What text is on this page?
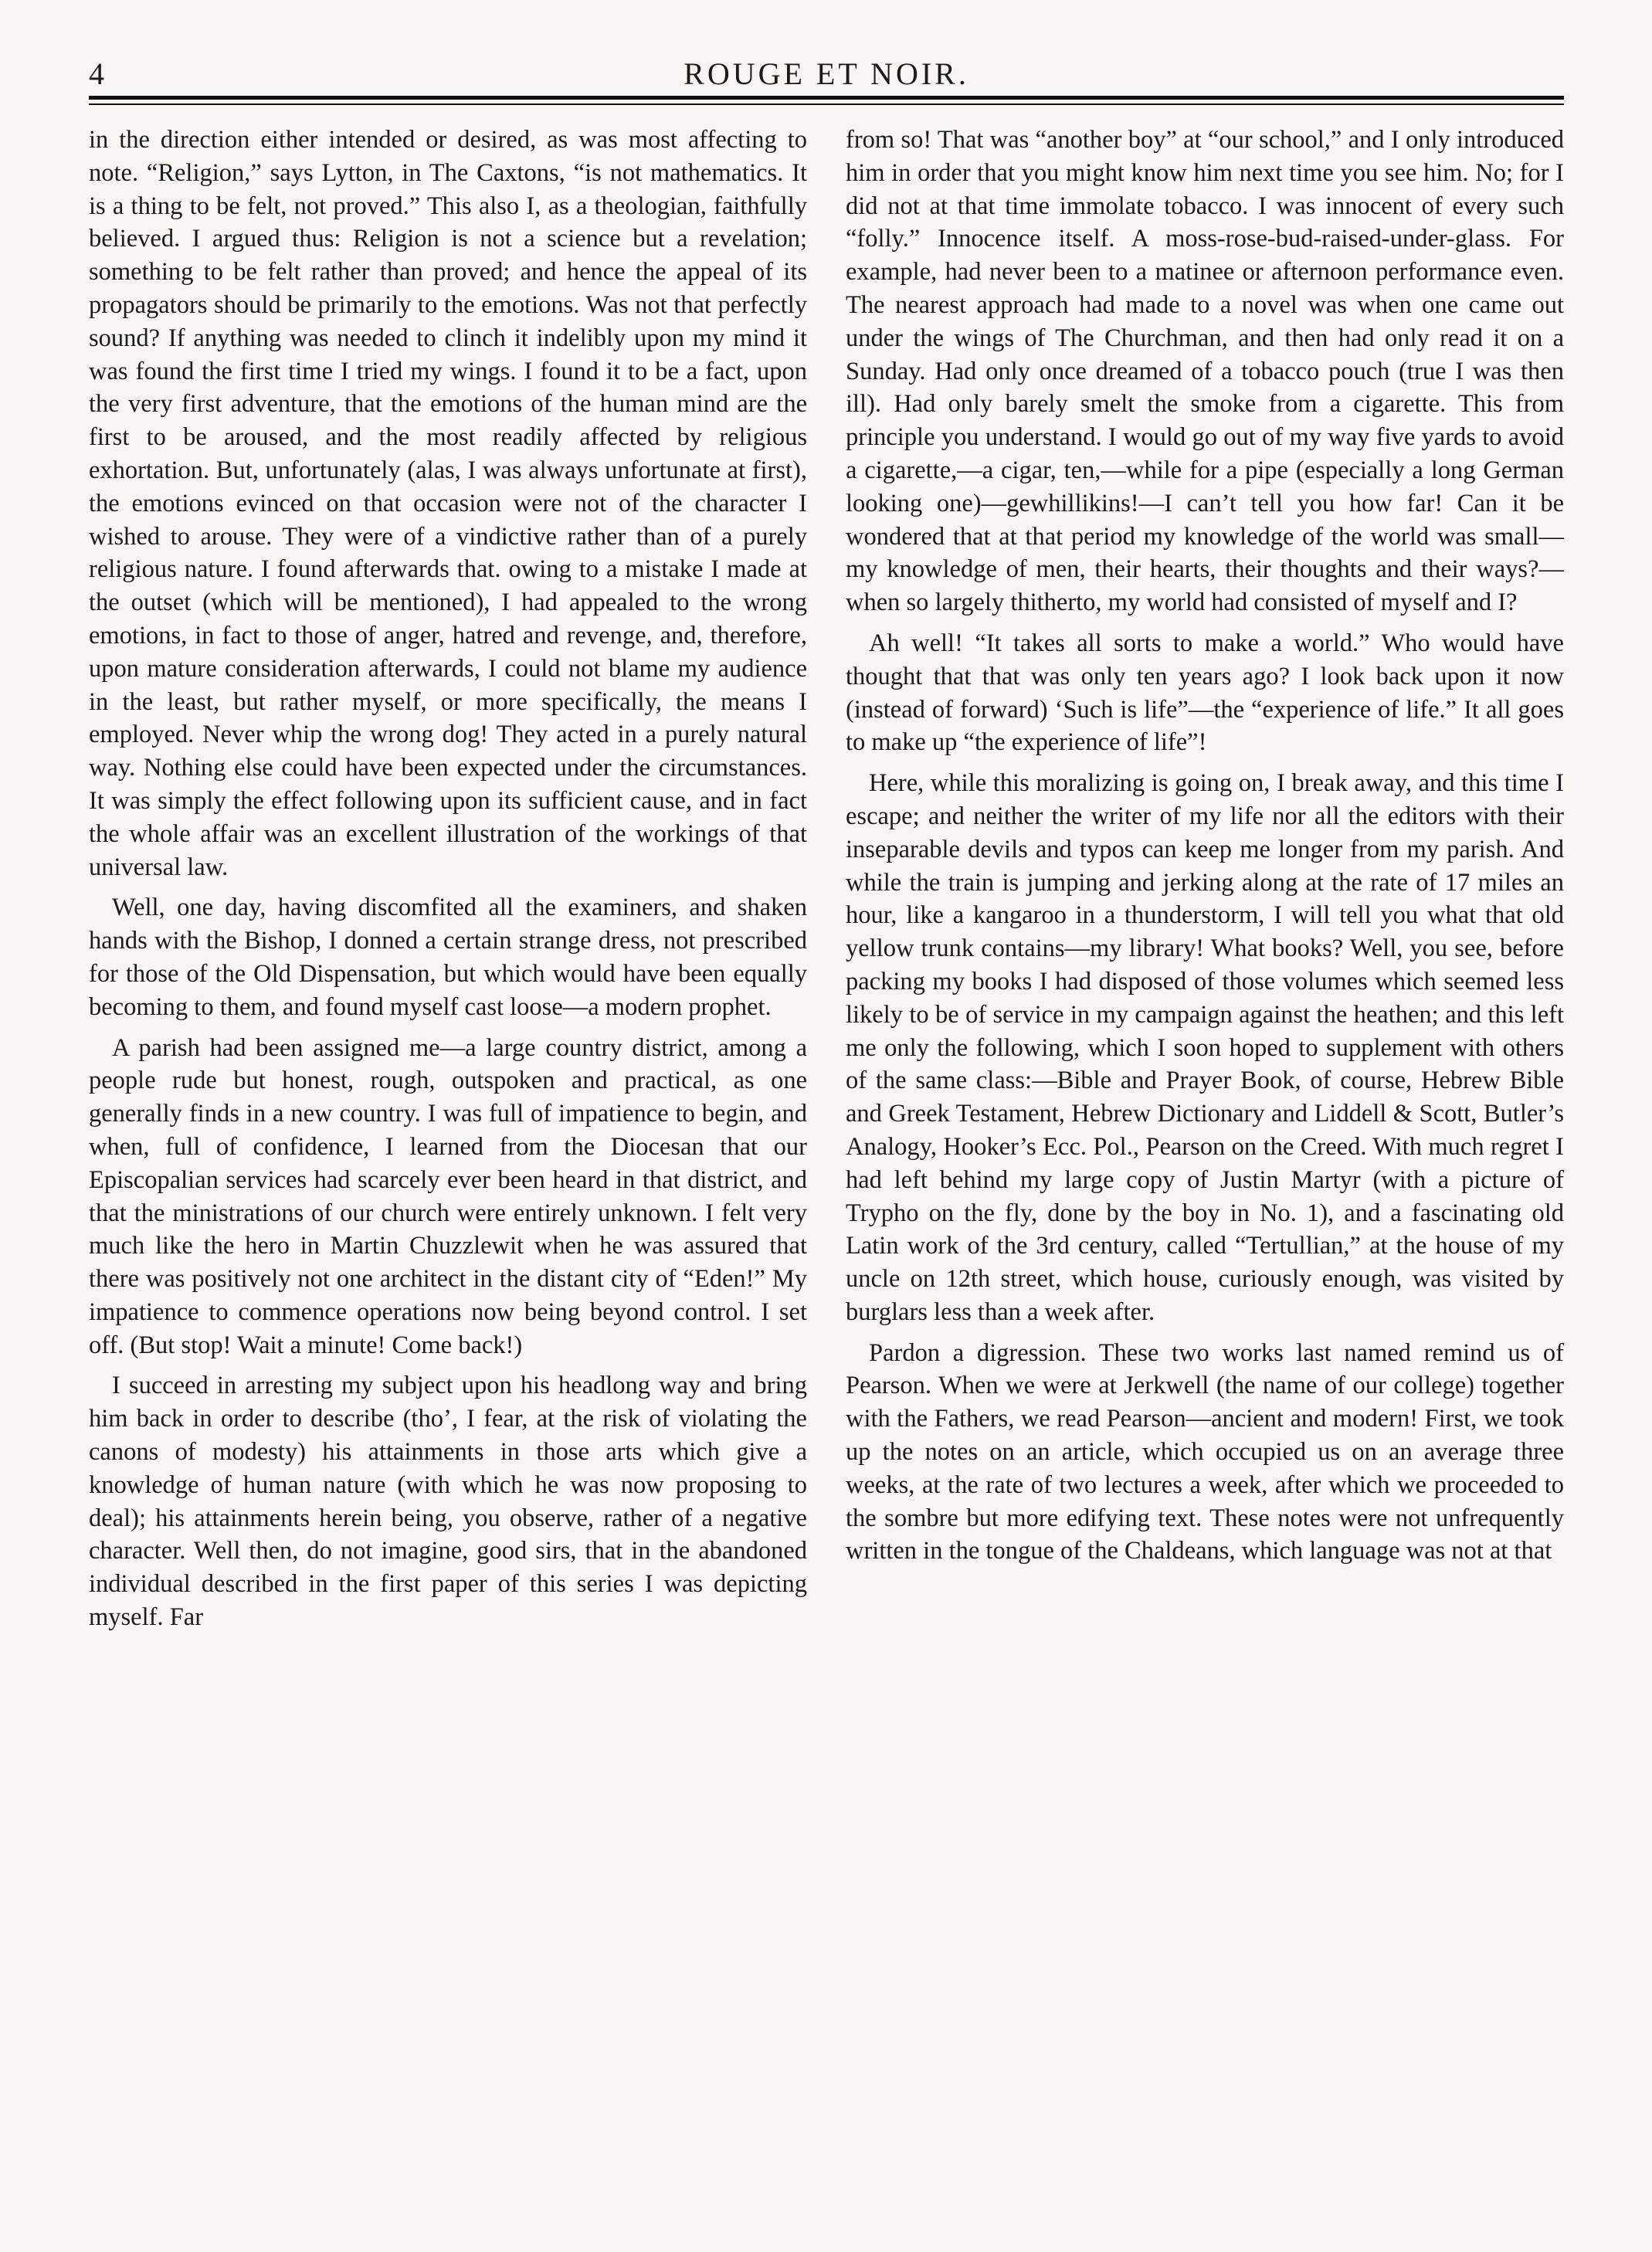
4	ROUGE ET NOIR.

in the direction either intended or desired, as was most affecting to note. “Religion,” says Lytton, in The Caxtons, “is not mathematics. It is a thing to be felt, not proved.” This also I, as a theologian, faithfully believed. I argued thus: Religion is not a science but a revelation; something to be felt rather than proved; and hence the appeal of its propagators should be primarily to the emotions. Was not that perfectly sound? If anything was needed to clinch it indelibly upon my mind it was found the first time I tried my wings. I found it to be a fact, upon the very first adventure, that the emotions of the human mind are the first to be aroused, and the most readily affected by religious exhortation. But, unfortunately (alas, I was always unfortunate at first), the emotions evinced on that occasion were not of the character I wished to arouse. They were of a vindictive rather than of a purely religious nature. I found afterwards that. owing to a mistake I made at the outset (which will be mentioned), I had appealed to the wrong emotions, in fact to those of anger, hatred and revenge, and, therefore, upon mature consideration afterwards, I could not blame my audience in the least, but rather myself, or more specifically, the means I employed. Never whip the wrong dog! They acted in a purely natural way. Nothing else could have been expected under the circumstances. It was simply the effect following upon its sufficient cause, and in fact the whole affair was an excellent illustration of the workings of that universal law.

Well, one day, having discomfited all the examiners, and shaken hands with the Bishop, I donned a certain strange dress, not prescribed for those of the Old Dispensation, but which would have been equally becoming to them, and found myself cast loose—a modern prophet.

A parish had been assigned me—a large country district, among a people rude but honest, rough, outspoken and practical, as one generally finds in a new country. I was full of impatience to begin, and when, full of confidence, I learned from the Diocesan that our Episcopalian services had scarcely ever been heard in that district, and that the ministrations of our church were entirely unknown. I felt very much like the hero in Martin Chuzzlewit when he was assured that there was positively not one architect in the distant city of “Eden!” My impatience to commence operations now being beyond control. I set off. (But stop! Wait a minute! Come back!)

I succeed in arresting my subject upon his headlong way and bring him back in order to describe (tho’, I fear, at the risk of violating the canons of modesty) his attainments in those arts which give a knowledge of human nature (with which he was now proposing to deal); his attainments herein being, you observe, rather of a negative character. Well then, do not imagine, good sirs, that in the abandoned individual described in the first paper of this series I was depicting myself. Far

from so! That was “another boy” at “our school,” and I only introduced him in order that you might know him next time you see him. No; for I did not at that time immolate tobacco. I was innocent of every such “folly.” Innocence itself. A moss-rose-bud-raised-under-glass. For example, had never been to a matinee or afternoon performance even. The nearest approach had made to a novel was when one came out under the wings of The Churchman, and then had only read it on a Sunday. Had only once dreamed of a tobacco pouch (true I was then ill). Had only barely smelt the smoke from a cigarette. This from principle you understand. I would go out of my way five yards to avoid a cigarette,—a cigar, ten,—while for a pipe (especially a long German looking one)—gewhillikins!—I can’t tell you how far! Can it be wondered that at that period my knowledge of the world was small—my knowledge of men, their hearts, their thoughts and their ways?—when so largely thitherto, my world had consisted of myself and I?

Ah well! “It takes all sorts to make a world.” Who would have thought that that was only ten years ago? I look back upon it now (instead of forward) ‘Such is life”—the “experience of life.” It all goes to make up “the experience of life”!

Here, while this moralizing is going on, I break away, and this time I escape; and neither the writer of my life nor all the editors with their inseparable devils and typos can keep me longer from my parish. And while the train is jumping and jerking along at the rate of 17 miles an hour, like a kangaroo in a thunderstorm, I will tell you what that old yellow trunk contains—my library! What books? Well, you see, before packing my books I had disposed of those volumes which seemed less likely to be of service in my campaign against the heathen; and this left me only the following, which I soon hoped to supplement with others of the same class:—Bible and Prayer Book, of course, Hebrew Bible and Greek Testament, Hebrew Dictionary and Liddell & Scott, Butler’s Analogy, Hooker’s Ecc. Pol., Pearson on the Creed. With much regret I had left behind my large copy of Justin Martyr (with a picture of Trypho on the fly, done by the boy in No. 1), and a fascinating old Latin work of the 3rd century, called “Tertullian,” at the house of my uncle on 12th street, which house, curiously enough, was visited by burglars less than a week after.

Pardon a digression. These two works last named remind us of Pearson. When we were at Jerkwell (the name of our college) together with the Fathers, we read Pearson—ancient and modern! First, we took up the notes on an article, which occupied us on an average three weeks, at the rate of two lectures a week, after which we proceeded to the sombre but more edifying text. These notes were not unfrequently written in the tongue of the Chaldeans, which language was not at that
